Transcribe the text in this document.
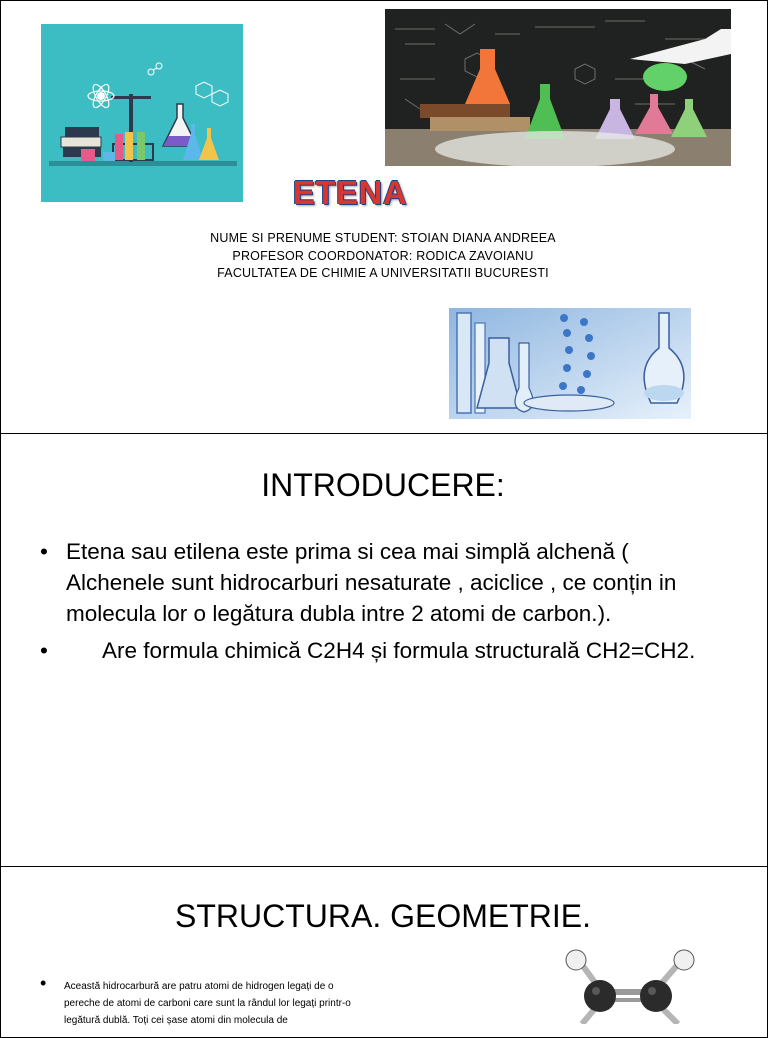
ETENA
NUME SI PRENUME STUDENT: STOIAN DIANA ANDREEA
PROFESOR COORDONATOR: RODICA ZAVOIANU
FACULTATEA DE CHIMIE A UNIVERSITATII BUCURESTI
INTRODUCERE:
• Etena sau etilena este prima si cea mai simplă alchenă ( Alchenele sunt hidrocarburi nesaturate , aciclice , ce conțin in molecula lor o legătura dubla intre 2 atomi de carbon.).
• Are formula chimică C2H4 și formula structurală CH2=CH2.
STRUCTURA. GEOMETRIE.
•	Această hidrocarbură are patru atomi de hidrogen legați de o pereche de atomi de carboni care sunt la rândul lor legați printr-o legătură dublă. Toți cei șase atomi din molecula de
